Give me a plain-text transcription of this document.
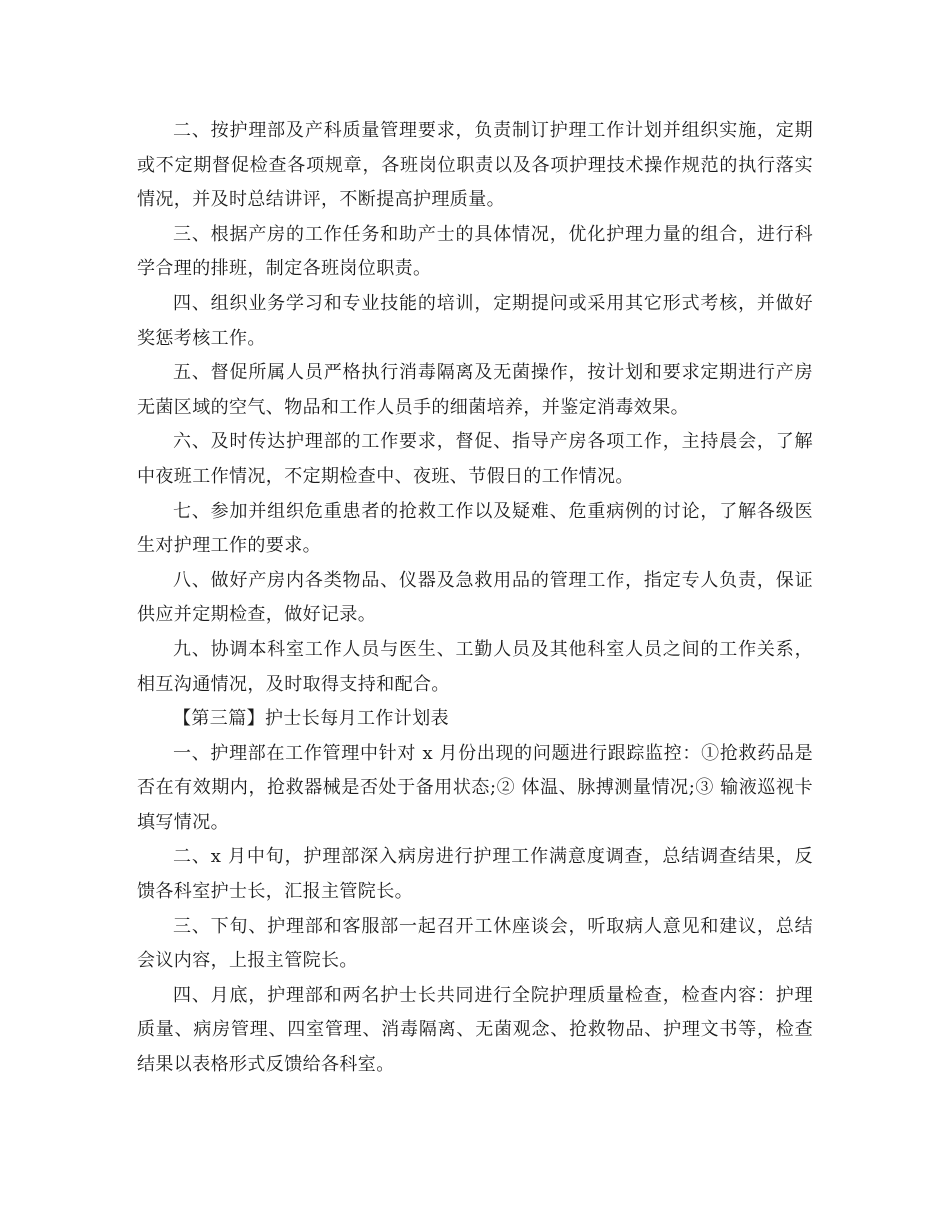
二、按护理部及产科质量管理要求，负责制订护理工作计划并组织实施，定期或不定期督促检查各项规章，各班岗位职责以及各项护理技术操作规范的执行落实情况，并及时总结讲评，不断提高护理质量。

三、根据产房的工作任务和助产士的具体情况，优化护理力量的组合，进行科学合理的排班，制定各班岗位职责。

四、组织业务学习和专业技能的培训，定期提问或采用其它形式考核，并做好奖惩考核工作。

五、督促所属人员严格执行消毒隔离及无菌操作，按计划和要求定期进行产房无菌区域的空气、物品和工作人员手的细菌培养，并鉴定消毒效果。

六、及时传达护理部的工作要求，督促、指导产房各项工作，主持晨会，了解中夜班工作情况，不定期检查中、夜班、节假日的工作情况。

七、参加并组织危重患者的抢救工作以及疑难、危重病例的讨论，了解各级医生对护理工作的要求。

八、做好产房内各类物品、仪器及急救用品的管理工作，指定专人负责，保证供应并定期检查，做好记录。

九、协调本科室工作人员与医生、工勤人员及其他科室人员之间的工作关系，相互沟通情况，及时取得支持和配合。

【第三篇】护士长每月工作计划表

一、护理部在工作管理中针对 x 月份出现的问题进行跟踪监控：①抢救药品是否在有效期内，抢救器械是否处于备用状态;② 体温、脉搏测量情况;③ 输液巡视卡填写情况。

二、x 月中旬，护理部深入病房进行护理工作满意度调查，总结调查结果，反馈各科室护士长，汇报主管院长。

三、下旬、护理部和客服部一起召开工休座谈会，听取病人意见和建议，总结会议内容，上报主管院长。

四、月底，护理部和两名护士长共同进行全院护理质量检查，检查内容：护理质量、病房管理、四室管理、消毒隔离、无菌观念、抢救物品、护理文书等，检查结果以表格形式反馈给各科室。
